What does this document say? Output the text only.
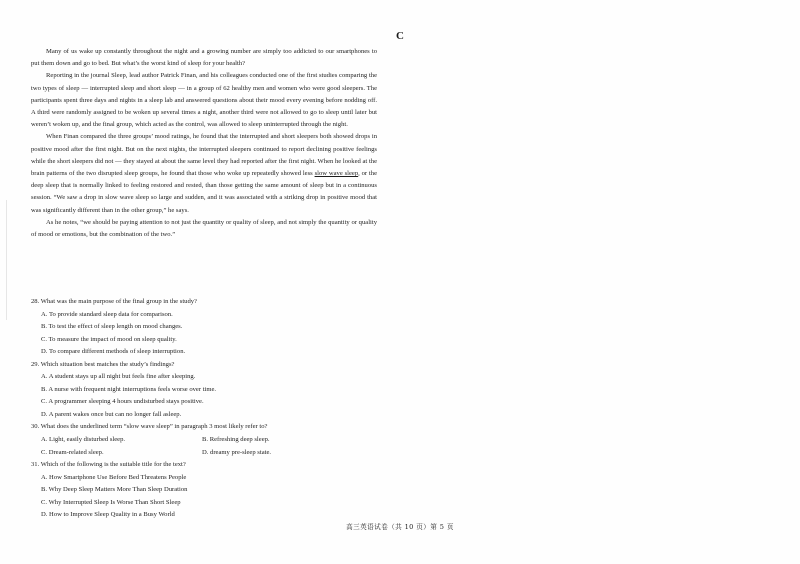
C

Many of us wake up constantly throughout the night and a growing number are simply too addicted to our smartphones to put them down and go to bed. But what’s the worst kind of sleep for your health?

Reporting in the journal Sleep, lead author Patrick Finan, and his colleagues conducted one of the first studies comparing the two types of sleep — interrupted sleep and short sleep — in a group of 62 healthy men and women who were good sleepers. The participants spent three days and nights in a sleep lab and answered questions about their mood every evening before nodding off. A third were randomly assigned to be woken up several times a night, another third were not allowed to go to sleep until later but weren’t woken up, and the final group, which acted as the control, was allowed to sleep uninterrupted through the night.

When Finan compared the three groups’ mood ratings, he found that the interrupted and short sleepers both showed drops in positive mood after the first night. But on the next nights, the interrupted sleepers continued to report declining positive feelings while the short sleepers did not — they stayed at about the same level they had reported after the first night. When he looked at the brain patterns of the two disrupted sleep groups, he found that those who woke up repeatedly showed less slow wave sleep, or the deep sleep that is normally linked to feeling restored and rested, than those getting the same amount of sleep but in a continuous session. “We saw a drop in slow wave sleep so large and sudden, and it was associated with a striking drop in positive mood that was significantly different than in the other group,” he says.

As he notes, “we should be paying attention to not just the quantity or quality of sleep, and not simply the quantity or quality of mood or emotions, but the combination of the two.”

28. What was the main purpose of the final group in the study?
A. To provide standard sleep data for comparison.
B. To test the effect of sleep length on mood changes.
C. To measure the impact of mood on sleep quality.
D. To compare different methods of sleep interruption.
29. Which situation best matches the study’s findings?
A. A student stays up all night but feels fine after sleeping.
B. A nurse with frequent night interruptions feels worse over time.
C. A programmer sleeping 4 hours undisturbed stays positive.
D. A parent wakes once but can no longer fall asleep.
30. What does the underlined term “slow wave sleep” in paragraph 3 most likely refer to?
A. Light, easily disturbed sleep.	B. Refreshing deep sleep.
C. Dream-related sleep.	D. dreamy pre-sleep state.
31. Which of the following is the suitable title for the text?
A. How Smartphone Use Before Bed Threatens People
B. Why Deep Sleep Matters More Than Sleep Duration
C. Why Interrupted Sleep Is Worse Than Short Sleep
D. How to Improve Sleep Quality in a Busy World
高三英语试卷（共 10 页）第 5 页
